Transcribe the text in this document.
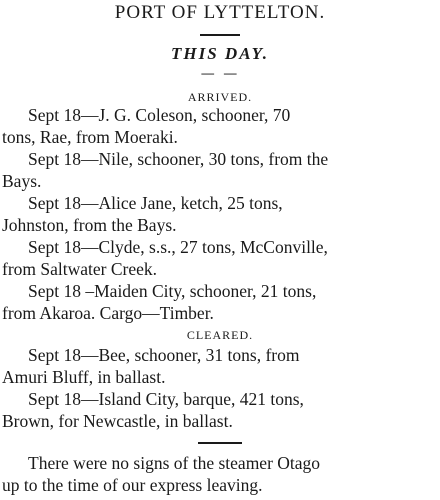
PORT OF LYTTELTON.
THIS DAY.
— —
ARRIVED.
Sept 18—J. G. Coleson, schooner, 70
tons, Rae, from Moeraki.
Sept 18—Nile, schooner, 30 tons, from the
Bays.
Sept 18—Alice Jane, ketch, 25 tons,
Johnston, from the Bays.
Sept 18—Clyde, s.s., 27 tons, McConville,
from Saltwater Creek.
Sept 18 –Maiden City, schooner, 21 tons,
from Akaroa. Cargo—Timber.
CLEARED.
Sept 18—Bee, schooner, 31 tons, from
Amuri Bluff, in ballast.
Sept 18—Island City, barque, 421 tons,
Brown, for Newcastle, in ballast.
There were no signs of the steamer Otago
up to the time of our express leaving.
